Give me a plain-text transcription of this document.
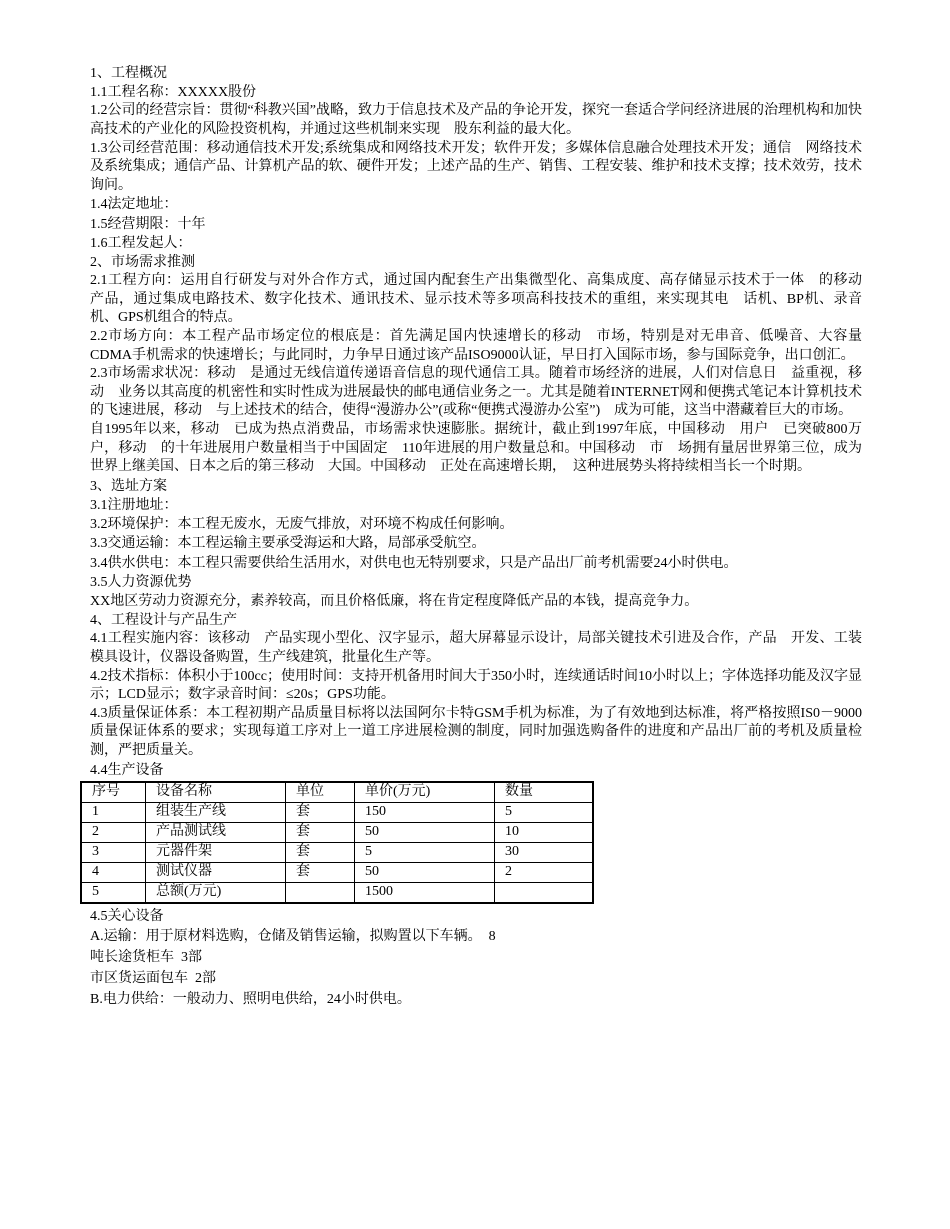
1、工程概况

1.1工程名称：XXXXX股份

1.2公司的经营宗旨：贯彻“科教兴国”战略，致力于信息技术及产品的争论开发，探究一套适合学问经济进展的治理机构和加快高技术的产业化的风险投资机构，并通过这些机制来实现　股东利益的最大化。

1.3公司经营范围：移动通信技术开发;系统集成和网络技术开发；软件开发；多媒体信息融合处理技术开发；通信　网络技术及系统集成；通信产品、计算机产品的软、硬件开发；上述产品的生产、销售、工程安装、维护和技术支撑；技术效劳，技术询问。

1.4法定地址：

1.5经营期限：十年

1.6工程发起人：

2、市场需求推测

2.1工程方向：运用自行研发与对外合作方式，通过国内配套生产出集微型化、高集成度、高存储显示技术于一体　的移动　产品，通过集成电路技术、数字化技术、通讯技术、显示技术等多项高科技技术的重组，来实现其电　话机、BP机、录音机、GPS机组合的特点。

2.2市场方向：本工程产品市场定位的根底是：首先满足国内快速增长的移动　市场，特别是对无串音、低噪音、大容量CDMA手机需求的快速增长；与此同时，力争早日通过该产品ISO9000认证，早日打入国际市场，参与国际竞争，出口创汇。

2.3市场需求状况：移动　是通过无线信道传递语音信息的现代通信工具。随着市场经济的进展，人们对信息日　益重视，移动　业务以其高度的机密性和实时性成为进展最快的邮电通信业务之一。尤其是随着INTERNET网和便携式笔记本计算机技术的飞速进展，移动　与上述技术的结合，使得“漫游办公”(或称“便携式漫游办公室”)　成为可能，这当中潜藏着巨大的市场。

自1995年以来，移动　已成为热点消费品，市场需求快速膨胀。据统计，截止到1997年底，中国移动　用户　已突破800万户，移动　的十年进展用户数量相当于中国固定　110年进展的用户数量总和。中国移动　市　场拥有量居世界第三位，成为世界上继美国、日本之后的第三移动　大国。中国移动　正处在高速增长期，　这种进展势头将持续相当长一个时期。

3、选址方案

3.1注册地址：

3.2环境保护：本工程无废水，无废气排放，对环境不构成任何影响。

3.3交通运输：本工程运输主要承受海运和大路，局部承受航空。

3.4供水供电：本工程只需要供给生活用水，对供电也无特别要求，只是产品出厂前考机需要24小时供电。

3.5人力资源优势

XX地区劳动力资源充分，素养较高，而且价格低廉，将在肯定程度降低产品的本钱，提高竞争力。

4、工程设计与产品生产

4.1工程实施内容：该移动　产品实现小型化、汉字显示，超大屏幕显示设计，局部关键技术引进及合作，产品　开发、工装模具设计，仪器设备购置，生产线建筑，批量化生产等。

4.2技术指标：体积小于100cc；使用时间：支持开机备用时间大于350小时，连续通话时间10小时以上；字体选择功能及汉字显示；LCD显示；数字录音时间：≤20s；GPS功能。

4.3质量保证体系：本工程初期产品质量目标将以法国阿尔卡特GSM手机为标准，为了有效地到达标准，将严格按照IS0－9000质量保证体系的要求；实现每道工序对上一道工序进展检测的制度，同时加强选购备件的进度和产品出厂前的考机及质量检测，严把质量关。

4.4生产设备

序号	设备名称	单位	单价(万元)	数量
1	组装生产线	套	150	5
2	产品测试线	套	50	10
3	元器件架	套	5	30
4	测试仪器	套	50	2
5	总额(万元)		1500	

4.5关心设备

A.运输：用于原材料选购，仓储及销售运输，拟购置以下车辆。　8

吨长途货柜车  3部

市区货运面包车  2部

B.电力供给：一般动力、照明电供给，24小时供电。
